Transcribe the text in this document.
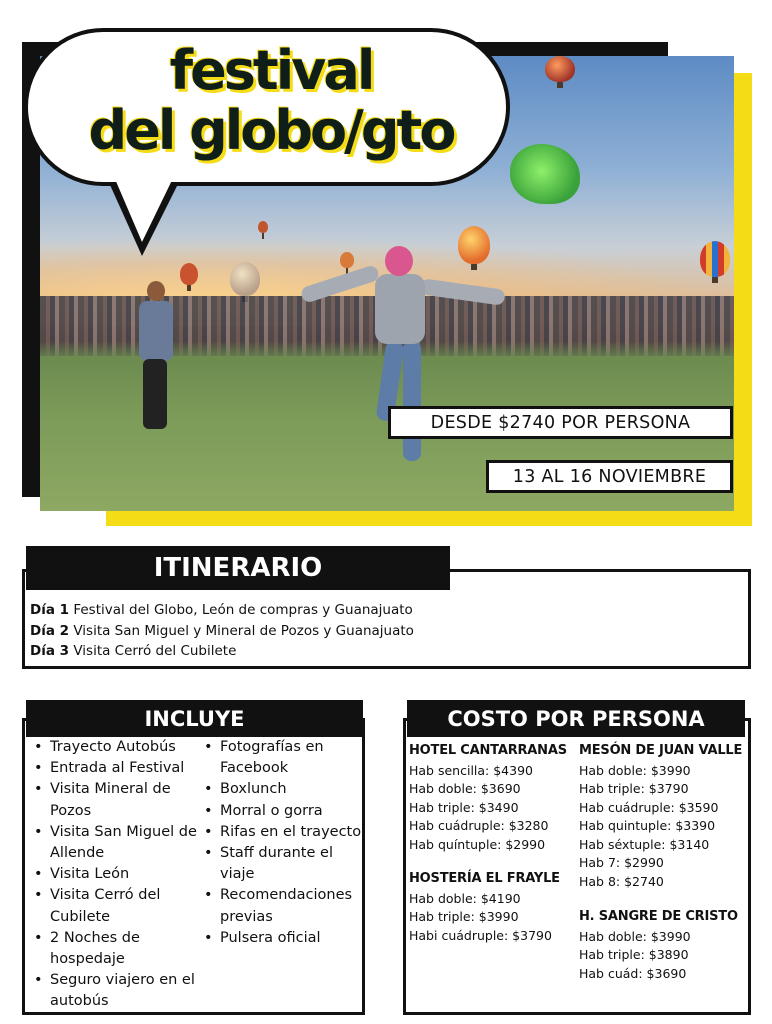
festival
del globo/gto
DESDE $2740 POR PERSONA
13 AL 16 NOVIEMBRE
ITINERARIO
Día 1 Festival del Globo, León de compras y Guanajuato
Día 2 Visita San Miguel y Mineral de Pozos y Guanajuato
Día 3 Visita Cerró del Cubilete
INCLUYE
• Trayecto Autobús
• Entrada al Festival
• Visita Mineral de Pozos
• Visita San Miguel de Allende
• Visita León
• Visita Cerró del Cubilete
• 2 Noches de hospedaje
• Seguro viajero en el autobús
• Fotografías en Facebook
• Boxlunch
• Morral o gorra
• Rifas en el trayecto
• Staff durante el viaje
• Recomendaciones previas
• Pulsera oficial
COSTO POR PERSONA
HOTEL CANTARRANAS
Hab sencilla: $4390
Hab doble: $3690
Hab triple: $3490
Hab cuádruple: $3280
Hab quíntuple: $2990
HOSTERÍA EL FRAYLE
Hab doble: $4190
Hab triple: $3990
Habi cuádruple: $3790
MESÓN DE JUAN VALLE
Hab doble: $3990
Hab triple: $3790
Hab cuádruple: $3590
Hab quintuple: $3390
Hab séxtuple: $3140
Hab 7: $2990
Hab 8: $2740
H. SANGRE DE CRISTO
Hab doble: $3990
Hab triple: $3890
Hab cuád: $3690
